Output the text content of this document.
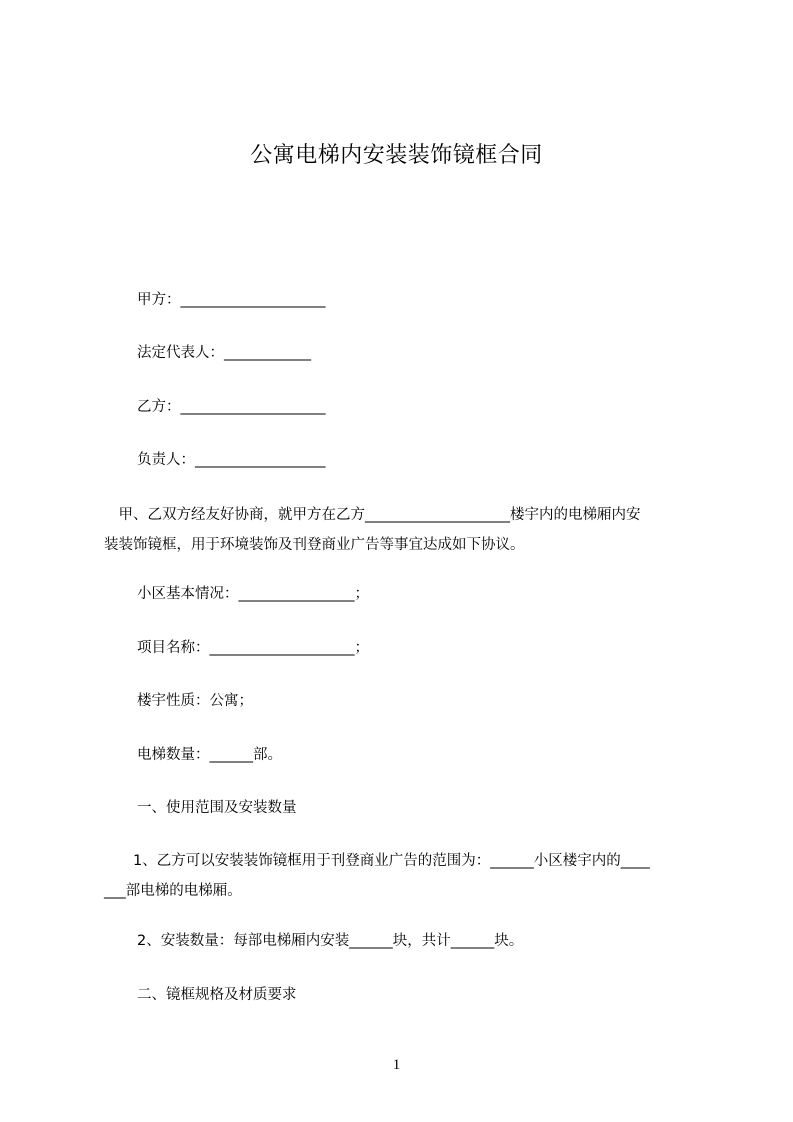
公寓电梯内安装装饰镜框合同
甲方：____________________
法定代表人：____________
乙方：____________________
负责人：__________________
　甲、乙双方经友好协商，就甲方在乙方____________________楼宇内的电梯厢内安
装装饰镜框，用于环境装饰及刊登商业广告等事宜达成如下协议。
小区基本情况：________________；
项目名称：____________________；
楼宇性质：公寓；
电梯数量：______部。
一、使用范围及安装数量
　　1、乙方可以安装装饰镜框用于刊登商业广告的范围为：______小区楼宇内的____
___部电梯的电梯厢。
2、安装数量：每部电梯厢内安装______块，共计______块。
二、镜框规格及材质要求
1
